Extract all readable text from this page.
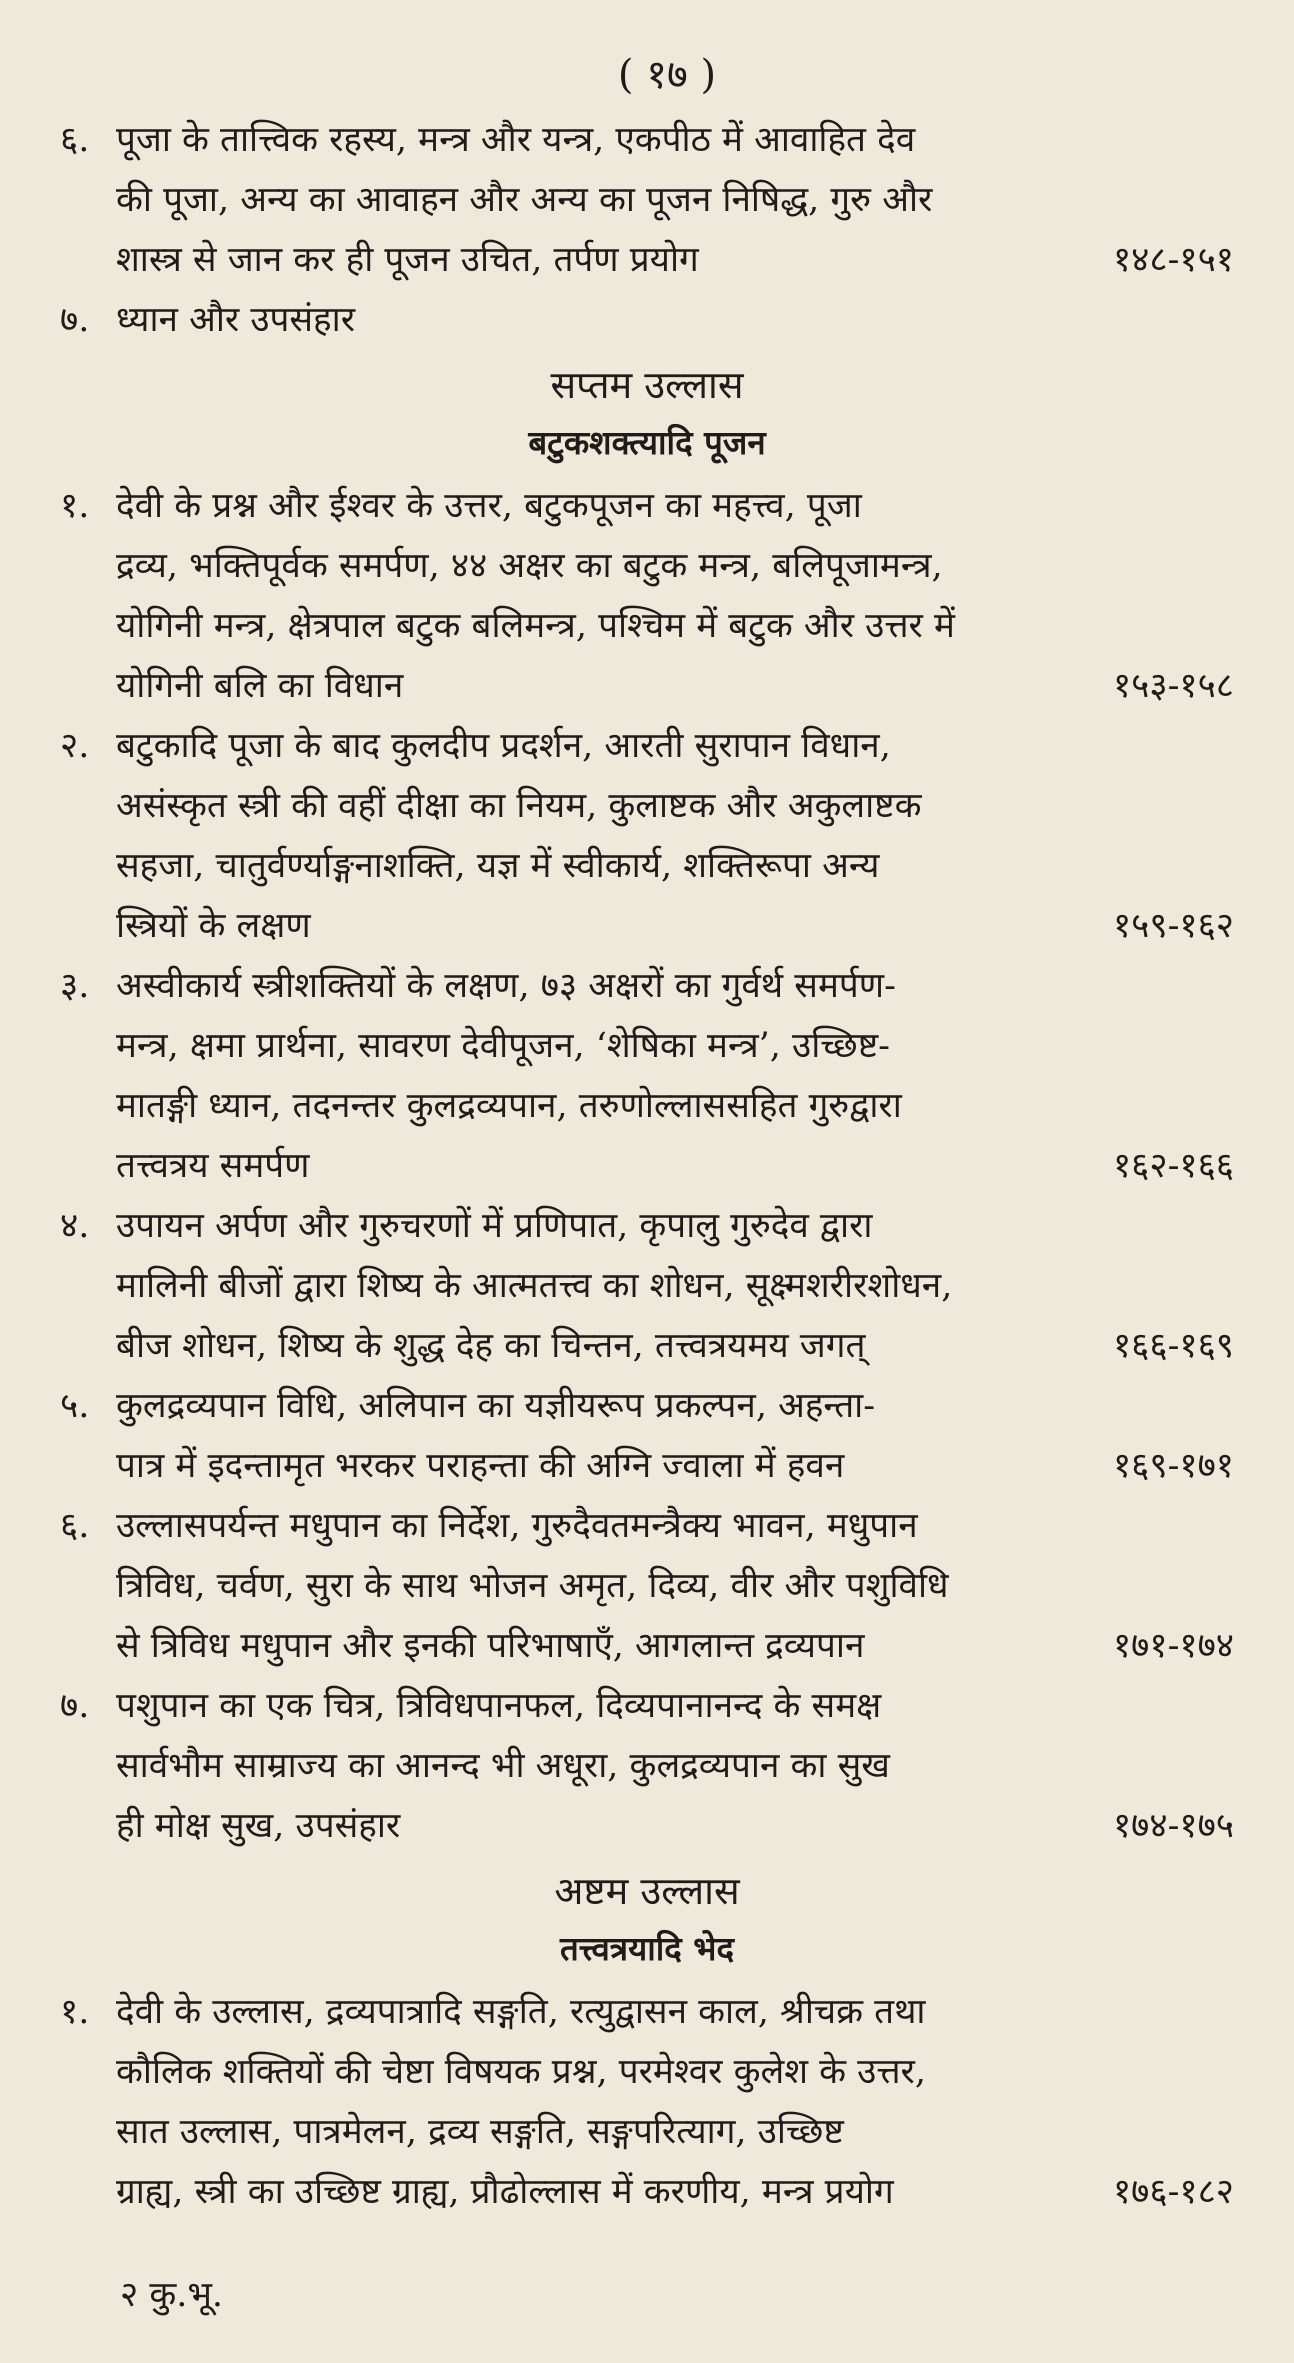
( १७ )
६. पूजा के तात्त्विक रहस्य, मन्त्र और यन्त्र, एकपीठ में आवाहित देव
की पूजा, अन्य का आवाहन और अन्य का पूजन निषिद्ध, गुरु और
शास्त्र से जान कर ही पूजन उचित, तर्पण प्रयोग	१४८-१५१
७. ध्यान और उपसंहार
सप्तम उल्लास
बटुकशक्त्यादि पूजन
१. देवी के प्रश्न और ईश्वर के उत्तर, बटुकपूजन का महत्त्व, पूजा
द्रव्य, भक्तिपूर्वक समर्पण, ४४ अक्षर का बटुक मन्त्र, बलिपूजामन्त्र,
योगिनी मन्त्र, क्षेत्रपाल बटुक बलिमन्त्र, पश्चिम में बटुक और उत्तर में
योगिनी बलि का विधान	१५३-१५८
२. बटुकादि पूजा के बाद कुलदीप प्रदर्शन, आरती सुरापान विधान,
असंस्कृत स्त्री की वहीं दीक्षा का नियम, कुलाष्टक और अकुलाष्टक
सहजा, चातुर्वर्ण्याङ्गनाशक्ति, यज्ञ में स्वीकार्य, शक्तिरूपा अन्य
स्त्रियों के लक्षण	१५९-१६२
३. अस्वीकार्य स्त्रीशक्तियों के लक्षण, ७३ अक्षरों का गुर्वर्थ समर्पण-
मन्त्र, क्षमा प्रार्थना, सावरण देवीपूजन, ‘शेषिका मन्त्र’, उच्छिष्ट-
मातङ्गी ध्यान, तदनन्तर कुलद्रव्यपान, तरुणोल्लाससहित गुरुद्वारा
तत्त्वत्रय समर्पण	१६२-१६६
४. उपायन अर्पण और गुरुचरणों में प्रणिपात, कृपालु गुरुदेव द्वारा
मालिनी बीजों द्वारा शिष्य के आत्मतत्त्व का शोधन, सूक्ष्मशरीरशोधन,
बीज शोधन, शिष्य के शुद्ध देह का चिन्तन, तत्त्वत्रयमय जगत्	१६६-१६९
५. कुलद्रव्यपान विधि, अलिपान का यज्ञीयरूप प्रकल्पन, अहन्ता-
पात्र में इदन्तामृत भरकर पराहन्ता की अग्नि ज्वाला में हवन	१६९-१७१
६. उल्लासपर्यन्त मधुपान का निर्देश, गुरुदैवतमन्त्रैक्य भावन, मधुपान
त्रिविध, चर्वण, सुरा के साथ भोजन अमृत, दिव्य, वीर और पशुविधि
से त्रिविध मधुपान और इनकी परिभाषाएँ, आगलान्त द्रव्यपान	१७१-१७४
७. पशुपान का एक चित्र, त्रिविधपानफल, दिव्यपानानन्द के समक्ष
सार्वभौम साम्राज्य का आनन्द भी अधूरा, कुलद्रव्यपान का सुख
ही मोक्ष सुख, उपसंहार	१७४-१७५
अष्टम उल्लास
तत्त्वत्रयादि भेद
१. देवी के उल्लास, द्रव्यपात्रादि सङ्गति, रत्युद्वासन काल, श्रीचक्र तथा
कौलिक शक्तियों की चेष्टा विषयक प्रश्न, परमेश्वर कुलेश के उत्तर,
सात उल्लास, पात्रमेलन, द्रव्य सङ्गति, सङ्गपरित्याग, उच्छिष्ट
ग्राह्य, स्त्री का उच्छिष्ट ग्राह्य, प्रौढोल्लास में करणीय, मन्त्र प्रयोग	१७६-१८२
२ कु.भू.
